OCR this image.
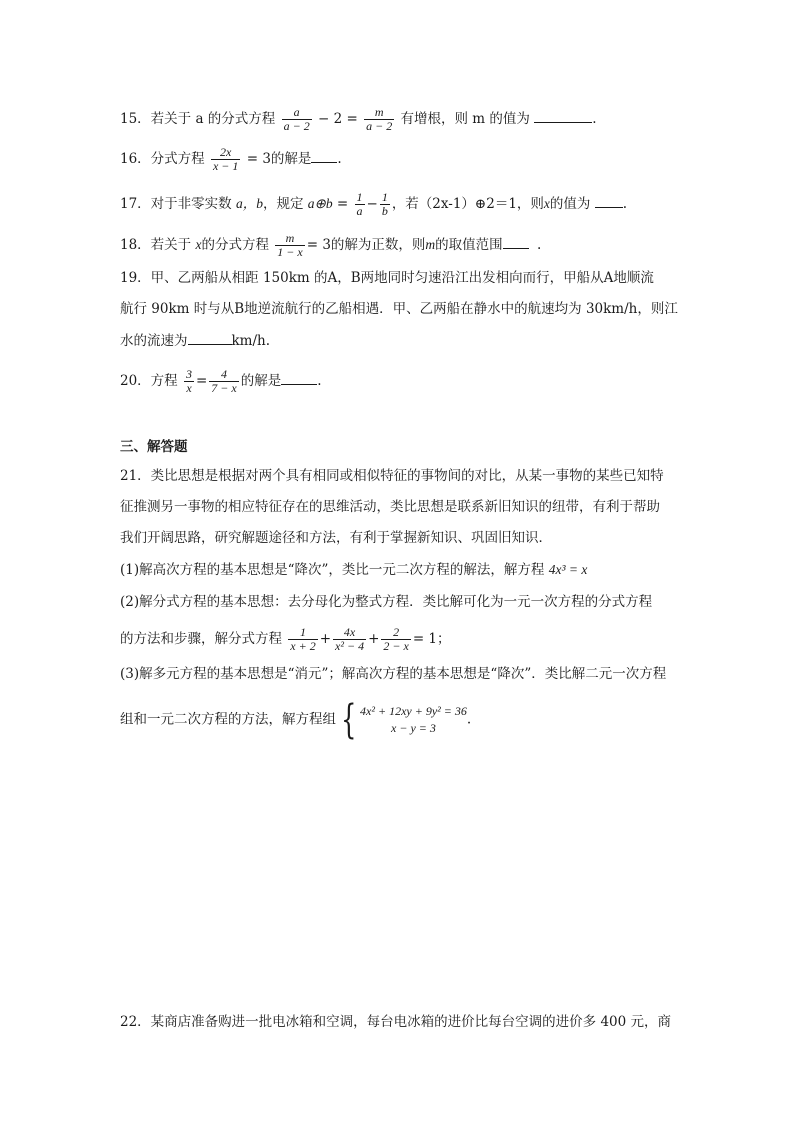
15．若关于 a 的分式方程 $\frac{a}{a - 2} - 2 = \frac{m}{a - 2}$ 有增根，则 m 的值为	.
16．分式方程 $\frac{2x}{x - 1} = 3$的解是 .
17．对于非零实数 a，b，规定 a⊕b = $\frac{1}{a} - \frac{1}{b}$ ，若（2x-1）⊕2＝1，则x的值为 .
18．若关于 x的分式方程 $\frac{m}{1 - x} = 3$的解为正数，则m的取值范围	.
19．甲、乙两船从相距 150km 的A，B两地同时匀速沿江出发相向而行，甲船从A地顺流
航行 90km 时与从B地逆流航行的乙船相遇．甲、乙两船在静水中的航速均为 30km/h，则江
水的流速为	km/h.
20．方程 $\frac{3}{x} = \frac{4}{7 - x}$ 的解是	.
三、解答题
21．类比思想是根据对两个具有相同或相似特征的事物间的对比，从某一事物的某些已知特
征推测另一事物的相应特征存在的思维活动，类比思想是联系新旧知识的纽带，有利于帮助
我们开阔思路，研究解题途径和方法，有利于掌握新知识、巩固旧知识．
(1)解高次方程的基本思想是“降次”，类比一元二次方程的解法，解方程 4x³ = x
(2)解分式方程的基本思想：去分母化为整式方程．类比解可化为一元一次方程的分式方程
的方法和步骤，解分式方程 $\frac{1}{x + 2} + \frac{4x}{\text{x² − 4}} + \frac{2}{2 - x} = 1$；
(3)解多元方程的基本思想是“消元”；解高次方程的基本思想是“降次”．类比解二元一次方程
组和一元二次方程的方法，解方程组 { 4x² + 12xy + 9y² = 36
x − y = 3
.
22．某商店准备购进一批电冰箱和空调，每台电冰箱的进价比每台空调的进价多 400 元，商
